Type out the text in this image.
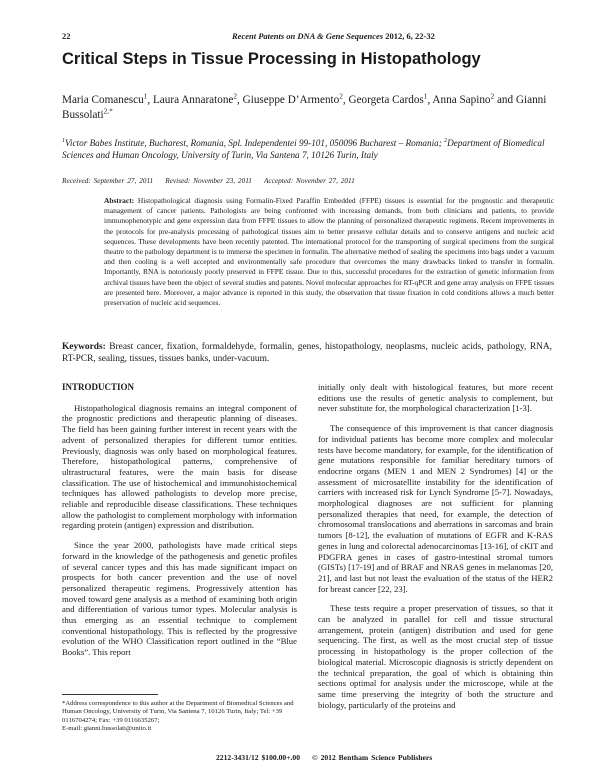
22	Recent Patents on DNA & Gene Sequences 2012, 6, 22-32
Critical Steps in Tissue Processing in Histopathology
Maria Comanescu$^1$, Laura Annaratone$^2$, Giuseppe D’Armento$^2$, Georgeta Cardos$^1$, Anna Sapino$^2$ and Gianni Bussolati$^{2,*}$
$^1$Victor Babes Institute, Bucharest, Romania, Spl. Independentei 99-101, 050096 Bucharest – Romania; $^2$Department of Biomedical Sciences and Human Oncology, University of Turin, Via Santena 7, 10126 Turin, Italy
Received: September 27, 2011 Revised: November 23, 2011 Accepted: November 27, 2011
Abstract: Histopathological diagnosis using Formalin-Fixed Paraffin Embedded (FFPE) tissues is essential for the prognostic and therapeutic management of cancer patients. Pathologists are being confronted with increasing demands, from both clinicians and patients, to provide immunophenotypic and gene expression data from FFPE tissues to allow the planning of personalized therapeutic regimens. Recent improvements in the protocols for pre-analysis processing of pathological tissues aim to better preserve cellular details and to conserve antigens and nucleic acid sequences. These developments have been recently patented. The international protocol for the transporting of surgical specimens from the surgical theatre to the pathology department is to immerse the specimen in formalin. The alternative method of sealing the specimens into bags under a vacuum and then cooling is a well accepted and environmentally safe procedure that overcomes the many drawbacks linked to transfer in formalin. Importantly, RNA is notoriously poorly preserved in FFPE tissue. Due to this, successful procedures for the extraction of genetic information from archival tissues have been the object of several studies and patents. Novel molecular approaches for RT-qPCR and gene array analysis on FFPE tissues are presented here. Moreover, a major advance is reported in this study, the observation that tissue fixation in cold conditions allows a much better preservation of nucleic acid sequences.
Keywords: Breast cancer, fixation, formaldehyde, formalin, genes, histopathology, neoplasms, nucleic acids, pathology, RNA, RT-PCR, sealing, tissues, tissues banks, under-vacuum.

INTRODUCTION

Histopathological diagnosis remains an integral component of the prognostic predictions and therapeutic planning of diseases. The field has been gaining further interest in recent years with the advent of personalized therapies for different tumor entities. Previously, diagnosis was only based on morphological features. Therefore, histopathological patterns, comprehensive of ultrastructural features, were the main basis for disease classification. The use of histochemical and immunohistochemical techniques has allowed pathologists to develop more precise, reliable and reproducible disease classifications. These techniques allow the pathologist to complement morphology with information regarding protein (antigen) expression and distribution.

Since the year 2000, pathologists have made critical steps forward in the knowledge of the pathogenesis and genetic profiles of several cancer types and this has made significant impact on prospects for both cancer prevention and the use of novel personalized therapeutic regimens. Progressively attention has moved toward gene analysis as a method of examining both origin and differentiation of various tumor types. Molecular analysis is thus emerging as an essential technique to complement conventional histopathology. This is reflected by the progressive evolution of the WHO Classification report outlined in the “Blue Books”. This report

initially only dealt with histological features, but more recent editions use the results of genetic analysis to complement, but never substitute for, the morphological characterization [1-3].

The consequence of this improvement is that cancer diagnosis for individual patients has become more complex and molecular tests have become mandatory, for example, for the identification of gene mutations responsible for familiar hereditary tumors of endocrine organs (MEN 1 and MEN 2 Syndromes) [4] or the assessment of microsatellite instability for the identification of carriers with increased risk for Lynch Syndrome [5-7]. Nowadays, morphological diagnoses are not sufficient for planning personalized therapies that need, for example, the detection of chromosomal translocations and aberrations in sarcomas and brain tumors [8-12], the evaluation of mutations of EGFR and K-RAS genes in lung and colorectal adenocarcinomas [13-16], of cKIT and PDGFRA genes in cases of gastro-intestinal stromal tumors (GISTs) [17-19] and of BRAF and NRAS genes in melanomas [20, 21], and last but not least the evaluation of the status of the HER2 for breast cancer [22, 23].

These tests require a proper preservation of tissues, so that it can be analyzed in parallel for cell and tissue structural arrangement, protein (antigen) distribution and used for gene sequencing. The first, as well as the most crucial step of tissue processing in histopathology is the proper collection of the biological material. Microscopic diagnosis is strictly dependent on the technical preparation, the goal of which is obtaining thin sections optimal for analysis under the microscope, while at the same time preserving the integrity of both the structure and biology, particularly of the proteins and

*Address correspondence to this author at the Department of Biomedical Sciences and Human Oncology, University of Turin, Via Santena 7, 10126 Turin, Italy; Tel: +39 0116704274; Fax: +39 0116635267;
E-mail: gianni.bussolati@unito.it
2212-3431/12 $100.00+.00 © 2012 Bentham Science Publishers
